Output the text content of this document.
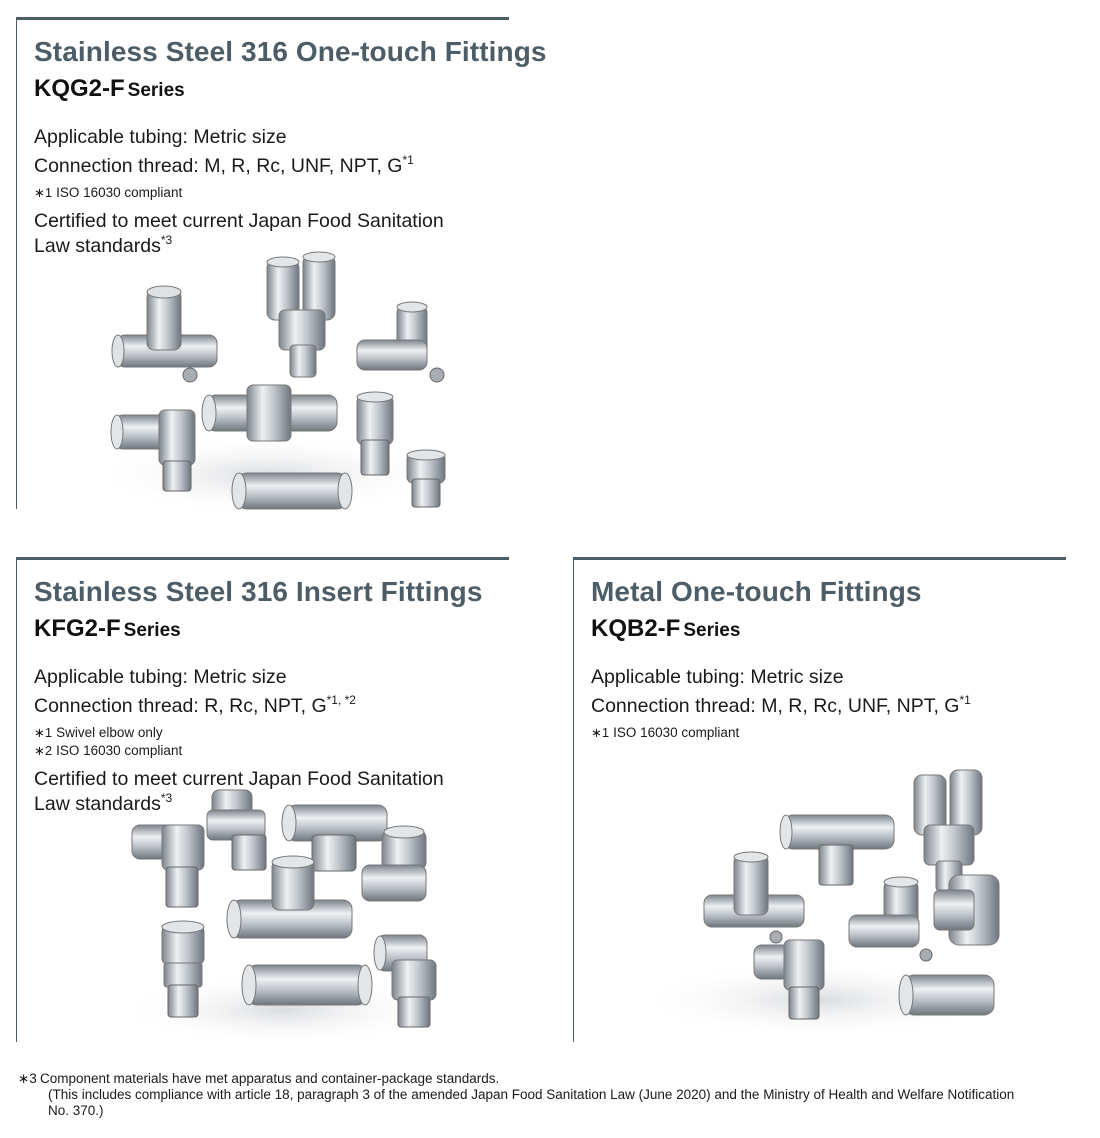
Stainless Steel 316 One-touch Fittings
KQG2-F Series

Applicable tubing: Metric size

Connection thread: M, R, Rc, UNF, NPT, $G^{*1}$

∗1 ISO 16030 compliant

Certified to meet current Japan Food Sanitation

Law standards$^{*3}$

Stainless Steel 316 Insert Fittings
KFG2-F Series

Applicable tubing: Metric size

Connection thread: R, Rc, NPT, $G^{*1, *2}$

∗1 Swivel elbow only

∗2 ISO 16030 compliant

Certified to meet current Japan Food Sanitation

Law standards$^{*3}$

Metal One-touch Fittings
KQB2-F Series

Applicable tubing: Metric size

Connection thread: M, R, Rc, UNF, NPT, $G^{*1}$

∗1 ISO 16030 compliant

∗3 Component materials have met apparatus and container-package standards.
(This includes compliance with article 18, paragraph 3 of the amended Japan Food Sanitation Law (June 2020) and the Ministry of Health and Welfare Notification
No. 370.)
